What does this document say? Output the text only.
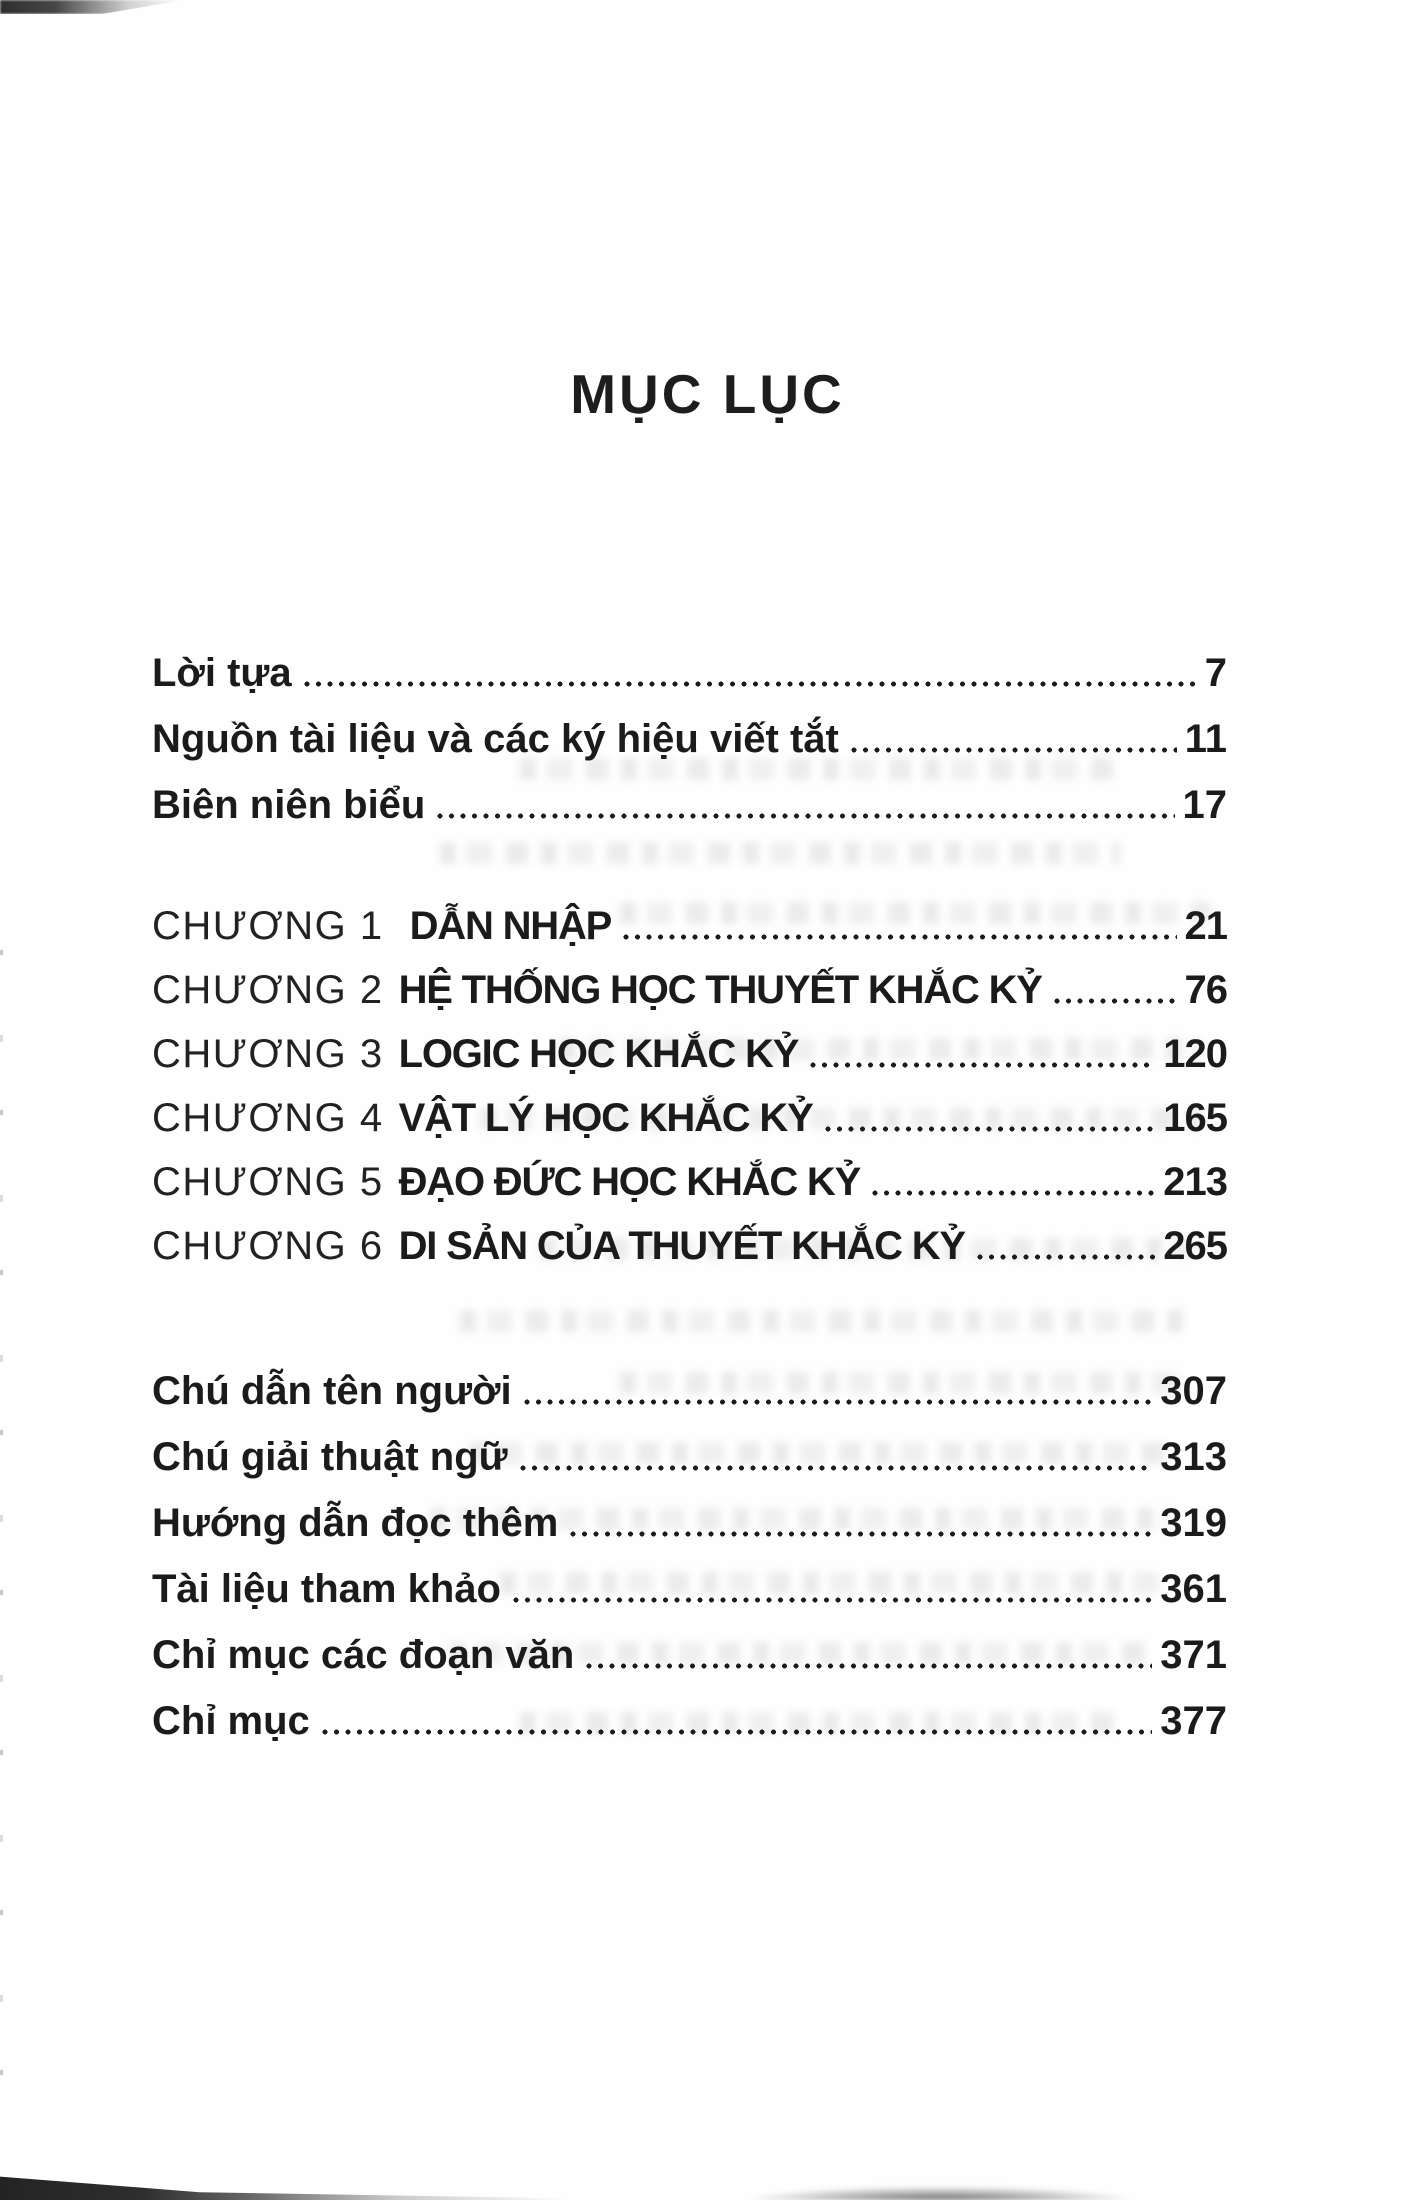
MỤC LỤC
Lời tựa	7
Nguồn tài liệu và các ký hiệu viết tắt	11
Biên niên biểu	17
CHƯƠNG 1 DẪN NHẬP	21
CHƯƠNG 2 HỆ THỐNG HỌC THUYẾT KHẮC KỶ	76
CHƯƠNG 3 LOGIC HỌC KHẮC KỶ	120
CHƯƠNG 4 VẬT LÝ HỌC KHẮC KỶ	165
CHƯƠNG 5 ĐẠO ĐỨC HỌC KHẮC KỶ	213
CHƯƠNG 6 DI SẢN CỦA THUYẾT KHẮC KỶ	265
Chú dẫn tên người	307
Chú giải thuật ngữ	313
Hướng dẫn đọc thêm	319
Tài liệu tham khảo	361
Chỉ mục các đoạn văn	371
Chỉ mục	377
